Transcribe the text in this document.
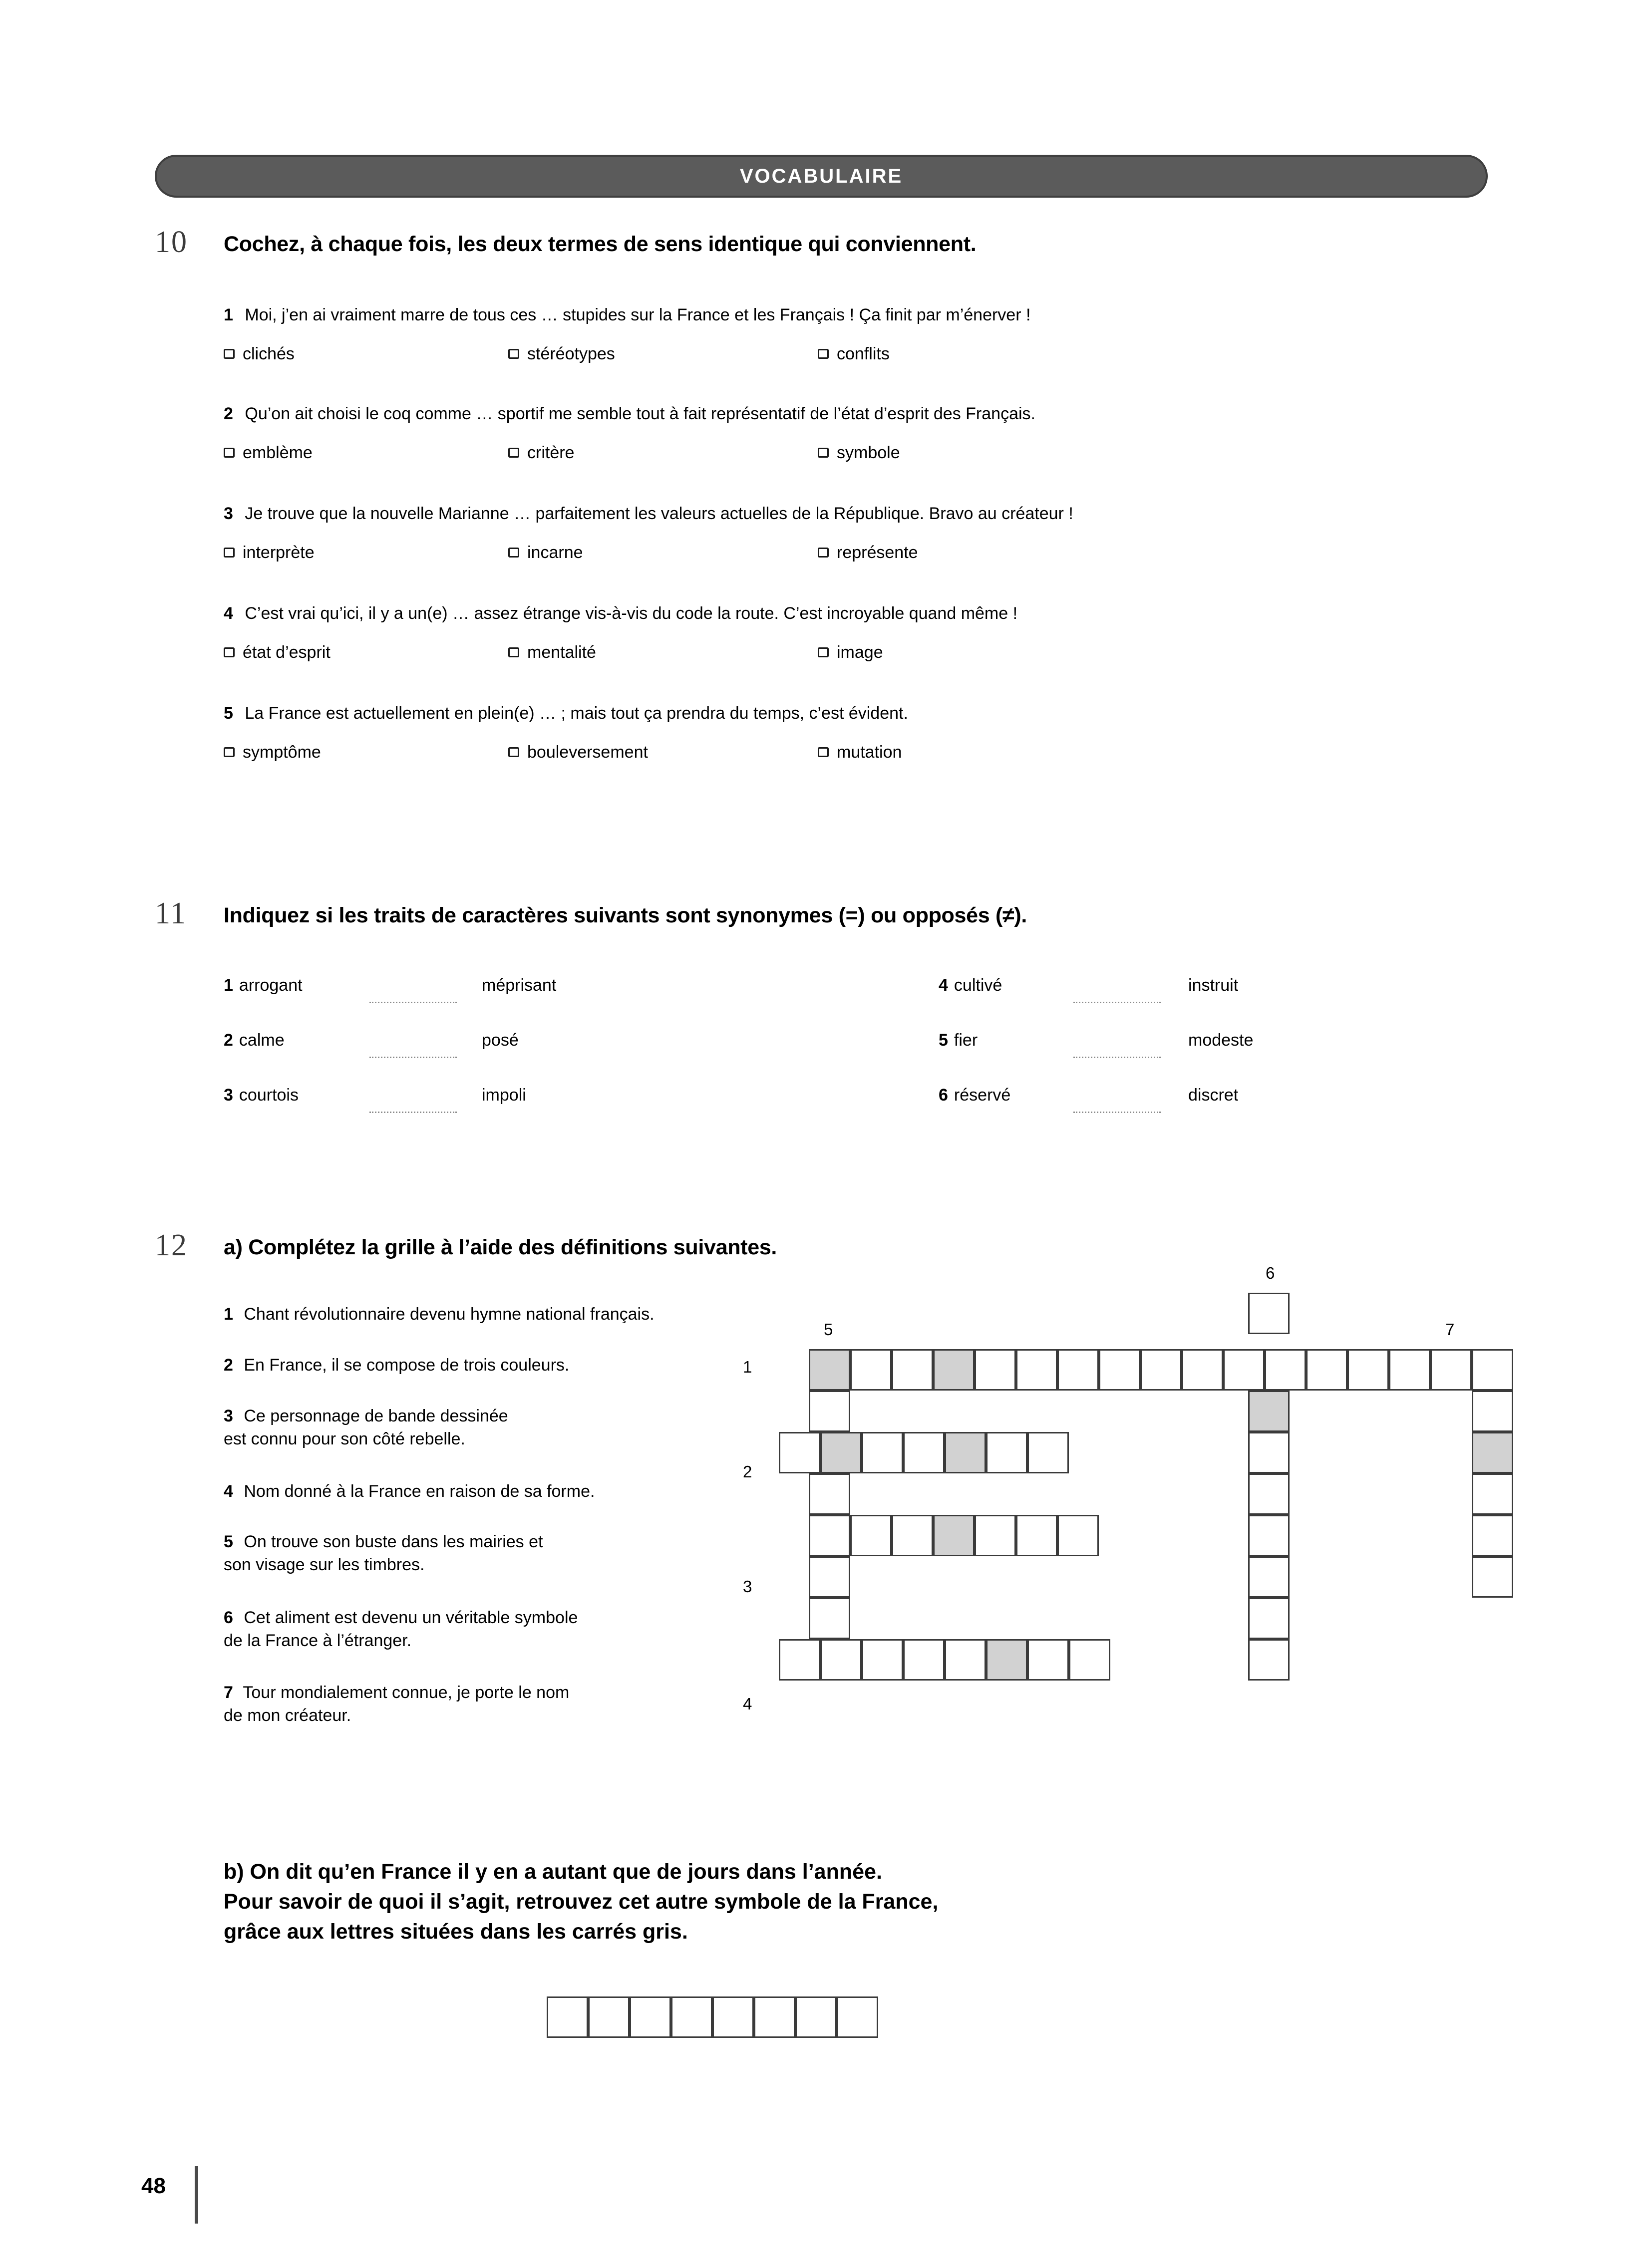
VOCABULAIRE
10 Cochez, à chaque fois, les deux termes de sens identique qui conviennent.
1 Moi, j’en ai vraiment marre de tous ces … stupides sur la France et les Français ! Ça finit par m’énerver !
clichés	stéréotypes	conflits
2 Qu’on ait choisi le coq comme … sportif me semble tout à fait représentatif de l’état d’esprit des Français.
emblème	critère	symbole
3 Je trouve que la nouvelle Marianne … parfaitement les valeurs actuelles de la République. Bravo au créateur !
interprète	incarne	représente
4 C’est vrai qu’ici, il y a un(e) … assez étrange vis-à-vis du code la route. C’est incroyable quand même !
état d’esprit	mentalité	image
5 La France est actuellement en plein(e) … ; mais tout ça prendra du temps, c’est évident.
symptôme	bouleversement	mutation
11 Indiquez si les traits de caractères suivants sont synonymes (=) ou opposés (≠).
1 arrogant	méprisant
2 calme	posé
3 courtois	impoli
4 cultivé	instruit
5 fier	modeste
6 réservé	discret
12 a) Complétez la grille à l’aide des définitions suivantes.
1 Chant révolutionnaire devenu hymne national français.
2 En France, il se compose de trois couleurs.
3 Ce personnage de bande dessinée
est connu pour son côté rebelle.
4 Nom donné à la France en raison de sa forme.
5 On trouve son buste dans les mairies et
son visage sur les timbres.
6 Cet aliment est devenu un véritable symbole
de la France à l’étranger.
7 Tour mondialement connue, je porte le nom
de mon créateur.
1
2
3
4
5
6
7
b) On dit qu’en France il y en a autant que de jours dans l’année.
Pour savoir de quoi il s’agit, retrouvez cet autre symbole de la France,
grâce aux lettres situées dans les carrés gris.
48
